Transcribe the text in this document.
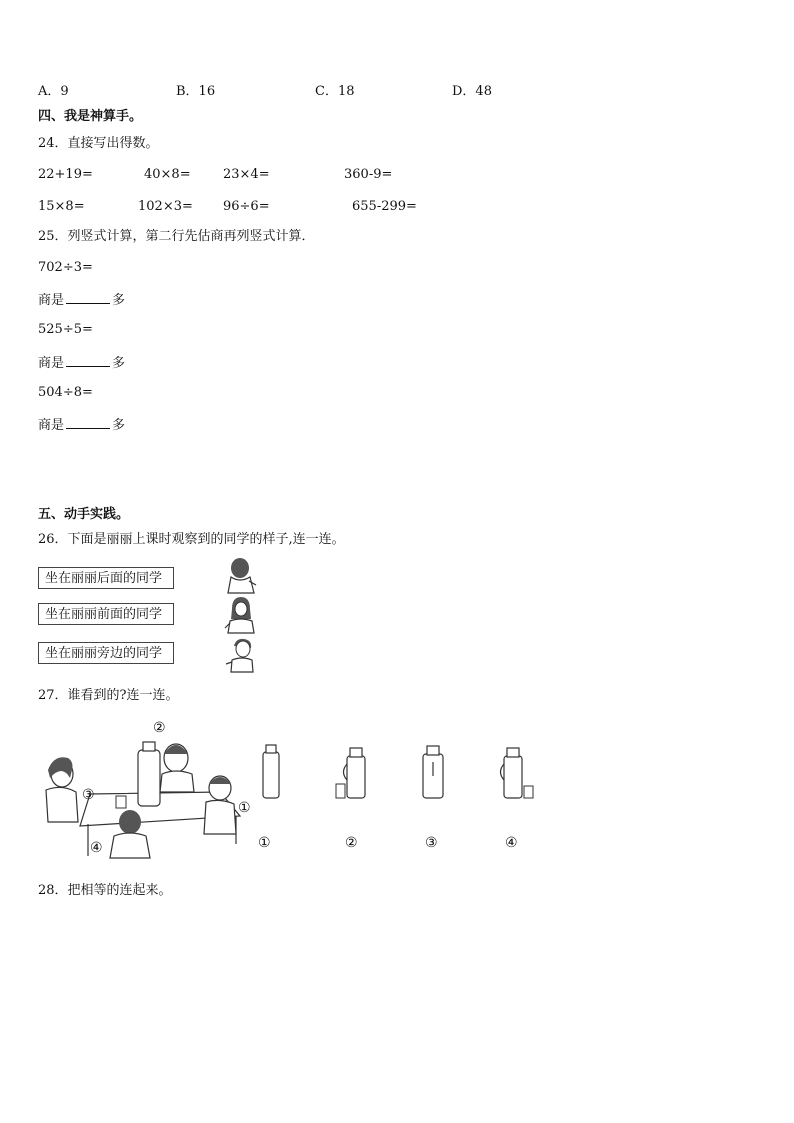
A．9	B．16	C．18	D．48
四、我是神算手。
24．直接写出得数。
22+19=	40×8= 23×4=	360-9=
15×8=	102×3= 96÷6=	655-299=
25．列竖式计算，第二行先估商再列竖式计算．
702÷3=
商是	多
525÷5=
商是	多
504÷8=
商是	多
五、动手实践。
26．下面是丽丽上课时观察到的同学的样子,连一连。
坐在丽丽后面的同学
坐在丽丽前面的同学
坐在丽丽旁边的同学
27．谁看到的?连一连。
②
③
①
④	①	②	③	④
28．把相等的连起来。
